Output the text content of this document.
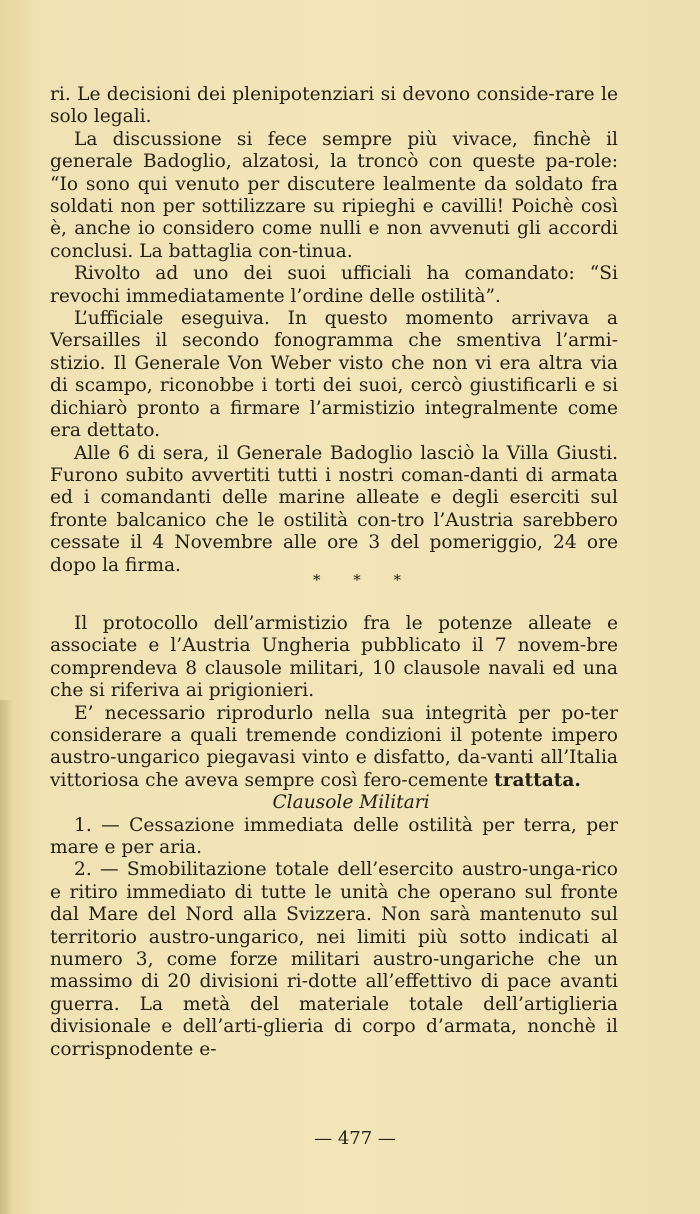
ri. Le decisioni dei plenipotenziari si devono conside-rare le solo legali.

La discussione si fece sempre più vivace, finchè il generale Badoglio, alzatosi, la troncò con queste pa-role: “Io sono qui venuto per discutere lealmente da soldato fra soldati non per sottilizzare su ripieghi e cavilli! Poichè così è, anche io considero come nulli e non avvenuti gli accordi conclusi. La battaglia con-tinua.

Rivolto ad uno dei suoi ufficiali ha comandato: “Si revochi immediatamente l’ordine delle ostilità”.

L’ufficiale eseguiva. In questo momento arrivava a Versailles il secondo fonogramma che smentiva l’armi-stizio. Il Generale Von Weber visto che non vi era altra via di scampo, riconobbe i torti dei suoi, cercò giustificarli e si dichiarò pronto a firmare l’armistizio integralmente come era dettato.

Alle 6 di sera, il Generale Badoglio lasciò la Villa Giusti. Furono subito avvertiti tutti i nostri coman-danti di armata ed i comandanti delle marine alleate e degli eserciti sul fronte balcanico che le ostilità con-tro l’Austria sarebbero cessate il 4 Novembre alle ore 3 del pomeriggio, 24 ore dopo la firma.

* * *

Il protocollo dell’armistizio fra le potenze alleate e associate e l’Austria Ungheria pubblicato il 7 novem-bre comprendeva 8 clausole militari, 10 clausole navali ed una che si riferiva ai prigionieri.

E’ necessario riprodurlo nella sua integrità per po-ter considerare a quali tremende condizioni il potente impero austro-ungarico piegavasi vinto e disfatto, da-vanti all’Italia vittoriosa che aveva sempre così fero-cemente trattata.

Clausole Militari

1. — Cessazione immediata delle ostilità per terra, per mare e per aria.

2. — Smobilitazione totale dell’esercito austro-unga-rico e ritiro immediato di tutte le unità che operano sul fronte dal Mare del Nord alla Svizzera. Non sarà mantenuto sul territorio austro-ungarico, nei limiti più sotto indicati al numero 3, come forze militari austro-ungariche che un massimo di 20 divisioni ri-dotte all’effettivo di pace avanti guerra. La metà del materiale totale dell’artiglieria divisionale e dell’arti-glieria di corpo d’armata, nonchè il corrispnodente e-

— 477 —
